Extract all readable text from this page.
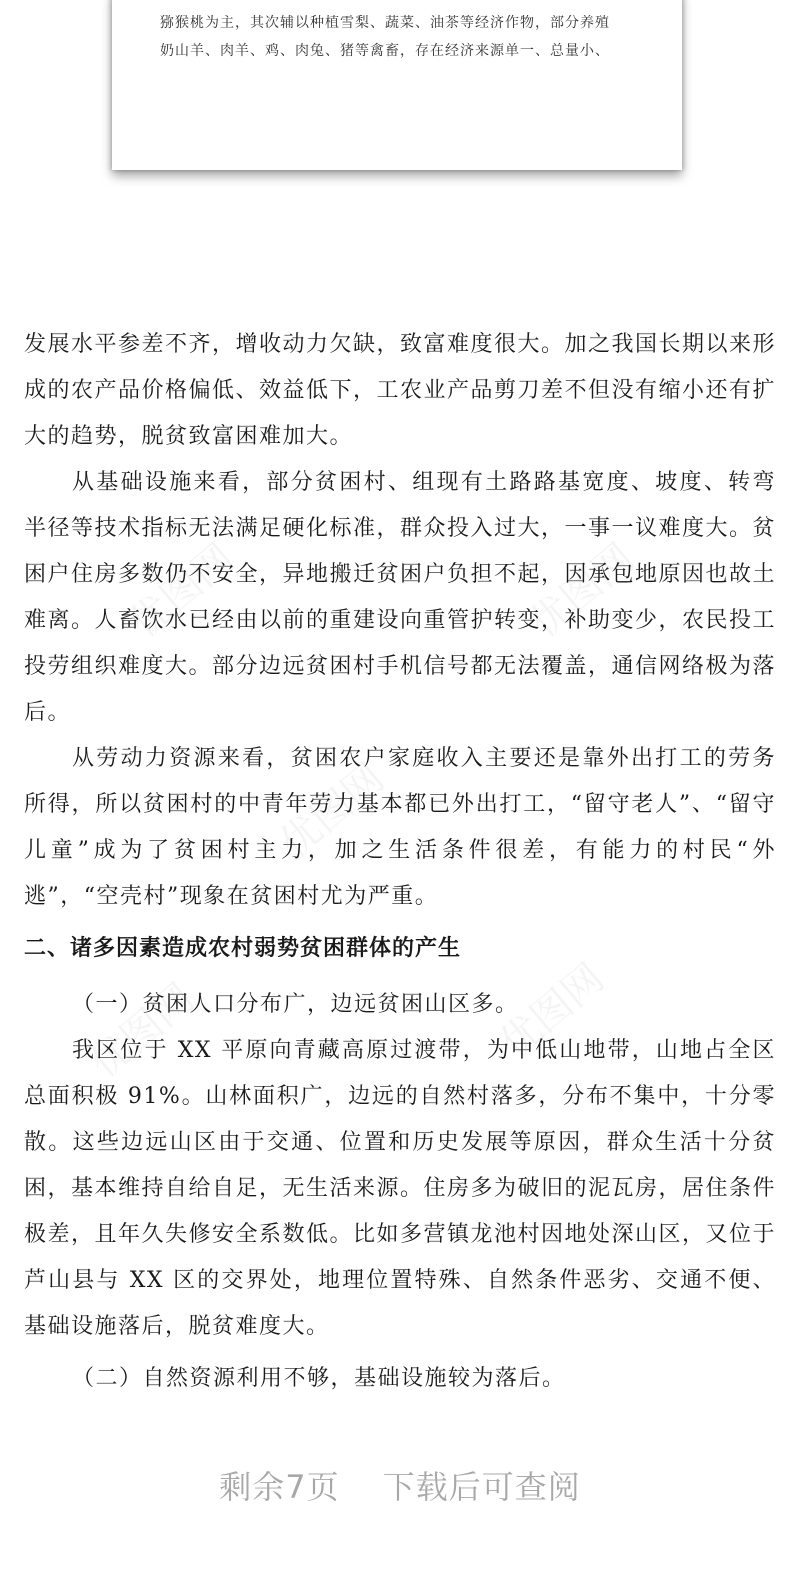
猕猴桃为主，其次辅以种植雪梨、蔬菜、油茶等经济作物，部分养殖
奶山羊、肉羊、鸡、肉兔、猪等禽畜，存在经济来源单一、总量小、

发展水平参差不齐，增收动力欠缺，致富难度很大。加之我国长期以来形成的农产品价格偏低、效益低下，工农业产品剪刀差不但没有缩小还有扩大的趋势，脱贫致富困难加大。

从基础设施来看，部分贫困村、组现有土路路基宽度、坡度、转弯半径等技术指标无法满足硬化标准，群众投入过大，一事一议难度大。贫困户住房多数仍不安全，异地搬迁贫困户负担不起，因承包地原因也故土难离。人畜饮水已经由以前的重建设向重管护转变，补助变少，农民投工投劳组织难度大。部分边远贫困村手机信号都无法覆盖，通信网络极为落后。

从劳动力资源来看，贫困农户家庭收入主要还是靠外出打工的劳务所得，所以贫困村的中青年劳力基本都已外出打工，“留守老人”、“留守儿童”成为了贫困村主力，加之生活条件很差，有能力的村民“外逃”，“空壳村”现象在贫困村尤为严重。

二、诸多因素造成农村弱势贫困群体的产生
（一）贫困人口分布广，边远贫困山区多。

我区位于 XX 平原向青藏高原过渡带，为中低山地带，山地占全区总面积极 91%。山林面积广，边远的自然村落多，分布不集中，十分零散。这些边远山区由于交通、位置和历史发展等原因，群众生活十分贫困，基本维持自给自足，无生活来源。住房多为破旧的泥瓦房，居住条件极差，且年久失修安全系数低。比如多营镇龙池村因地处深山区，又位于芦山县与 XX 区的交界处，地理位置特殊、自然条件恶劣、交通不便、基础设施落后，脱贫难度大。

（二）自然资源利用不够，基础设施较为落后。
剩余7页 下载后可查阅
